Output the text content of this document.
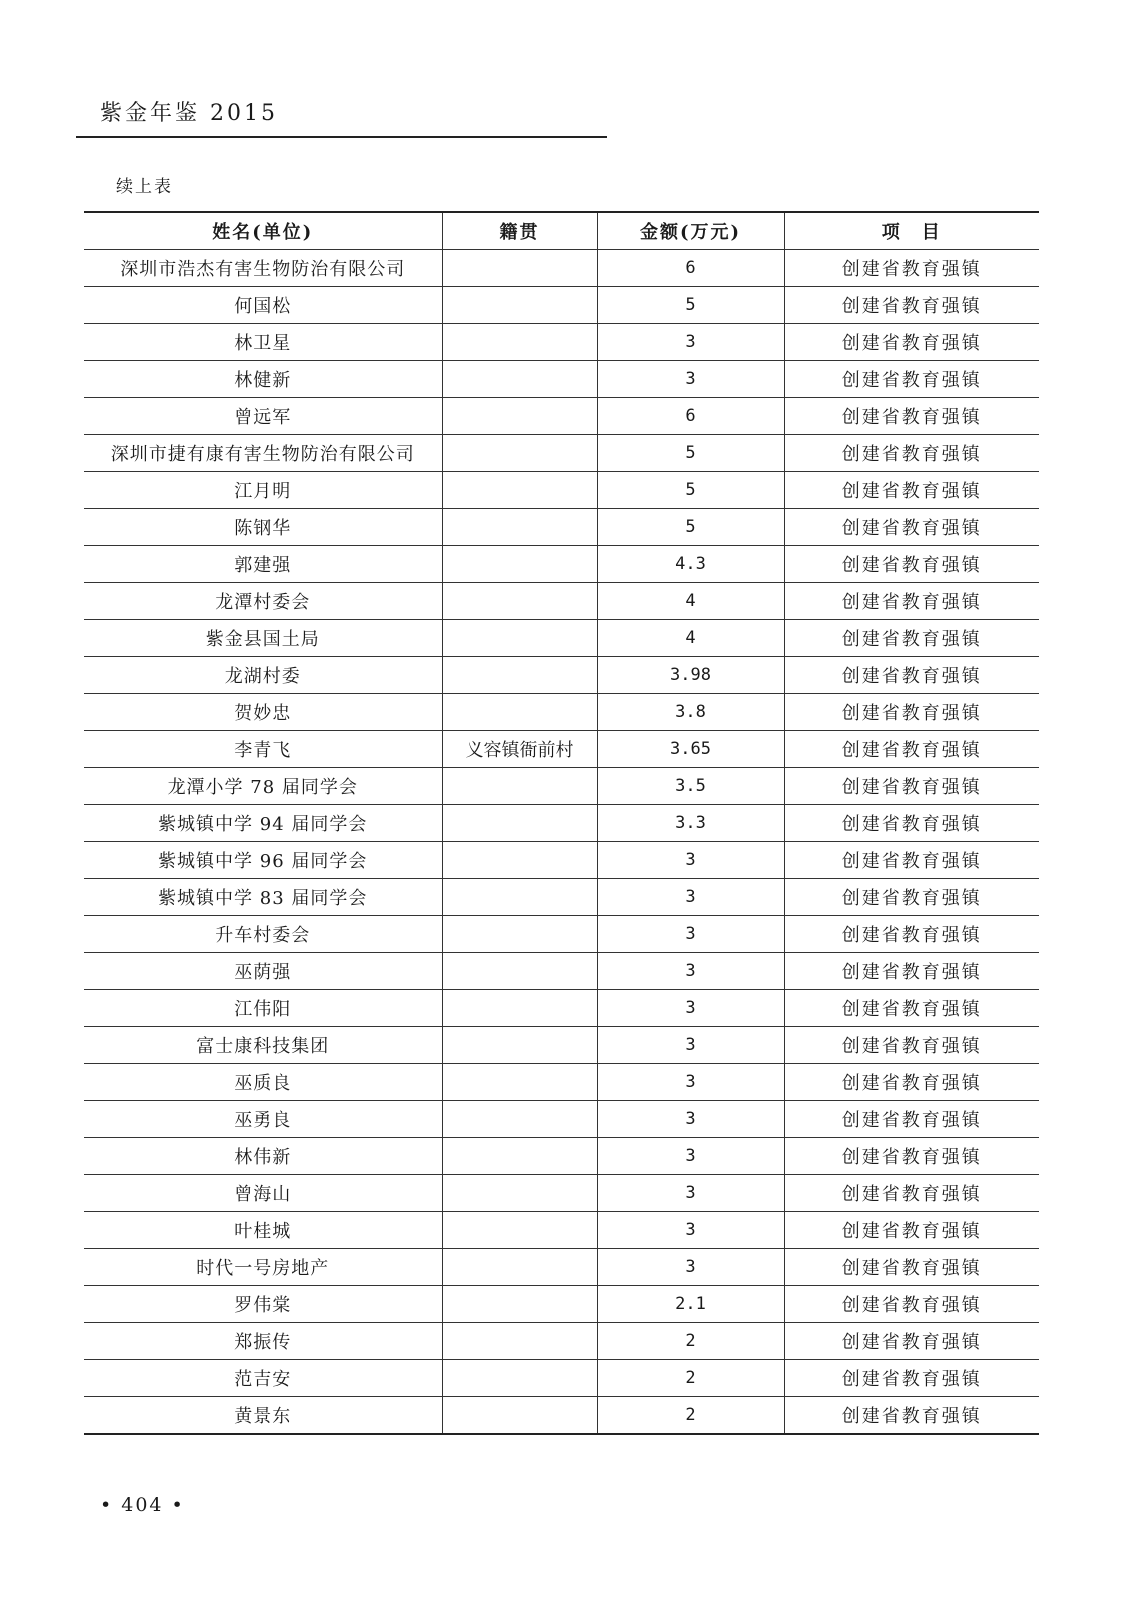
紫金年鉴 2015
续上表
姓名(单位)	籍贯	金额(万元)	项　目
深圳市浩杰有害生物防治有限公司		6	创建省教育强镇
何国松		5	创建省教育强镇
林卫星		3	创建省教育强镇
林健新		3	创建省教育强镇
曾远军		6	创建省教育强镇
深圳市捷有康有害生物防治有限公司		5	创建省教育强镇
江月明		5	创建省教育强镇
陈钢华		5	创建省教育强镇
郭建强		4.3	创建省教育强镇
龙潭村委会		4	创建省教育强镇
紫金县国土局		4	创建省教育强镇
龙湖村委		3.98	创建省教育强镇
贺妙忠		3.8	创建省教育强镇
李青飞	义容镇衙前村	3.65	创建省教育强镇
龙潭小学 78 届同学会		3.5	创建省教育强镇
紫城镇中学 94 届同学会		3.3	创建省教育强镇
紫城镇中学 96 届同学会		3	创建省教育强镇
紫城镇中学 83 届同学会		3	创建省教育强镇
升车村委会		3	创建省教育强镇
巫荫强		3	创建省教育强镇
江伟阳		3	创建省教育强镇
富士康科技集团		3	创建省教育强镇
巫质良		3	创建省教育强镇
巫勇良		3	创建省教育强镇
林伟新		3	创建省教育强镇
曾海山		3	创建省教育强镇
叶桂城		3	创建省教育强镇
时代一号房地产		3	创建省教育强镇
罗伟棠		2.1	创建省教育强镇
郑振传		2	创建省教育强镇
范吉安		2	创建省教育强镇
黄景东		2	创建省教育强镇
• 404 •
